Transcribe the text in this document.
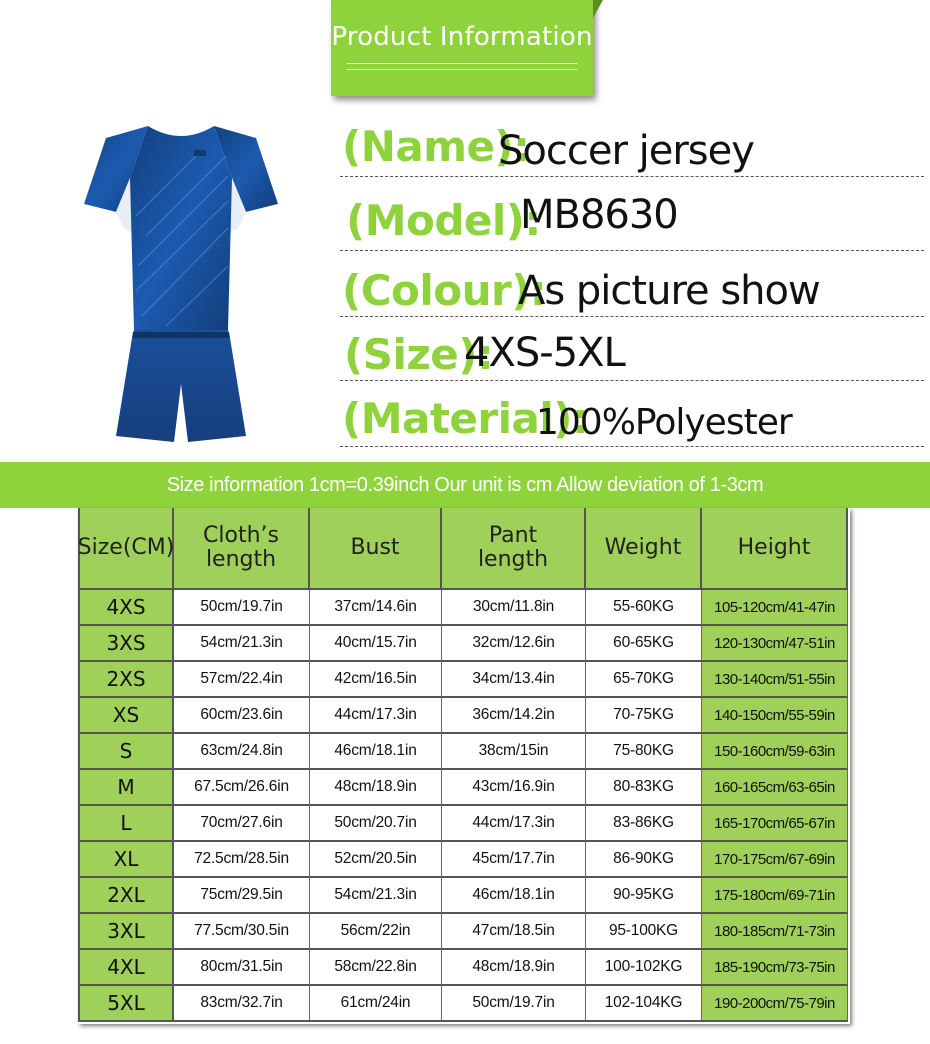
Product Information
(Name):
Soccer jersey
(Model):
MB8630
(Colour):
As picture show
(Size):
4XS-5XL
(Material):
100%Polyester
Size information 1cm=0.39inch Our unit is cm Allow deviation of 1-3cm
Size(CM)	Cloth’s length	Bust	Pant length	Weight	Height
4XS	50cm/19.7in	37cm/14.6in	30cm/11.8in	55-60KG	105-120cm/41-47in
3XS	54cm/21.3in	40cm/15.7in	32cm/12.6in	60-65KG	120-130cm/47-51in
2XS	57cm/22.4in	42cm/16.5in	34cm/13.4in	65-70KG	130-140cm/51-55in
XS	60cm/23.6in	44cm/17.3in	36cm/14.2in	70-75KG	140-150cm/55-59in
S	63cm/24.8in	46cm/18.1in	38cm/15in	75-80KG	150-160cm/59-63in
M	67.5cm/26.6in	48cm/18.9in	43cm/16.9in	80-83KG	160-165cm/63-65in
L	70cm/27.6in	50cm/20.7in	44cm/17.3in	83-86KG	165-170cm/65-67in
XL	72.5cm/28.5in	52cm/20.5in	45cm/17.7in	86-90KG	170-175cm/67-69in
2XL	75cm/29.5in	54cm/21.3in	46cm/18.1in	90-95KG	175-180cm/69-71in
3XL	77.5cm/30.5in	56cm/22in	47cm/18.5in	95-100KG	180-185cm/71-73in
4XL	80cm/31.5in	58cm/22.8in	48cm/18.9in	100-102KG	185-190cm/73-75in
5XL	83cm/32.7in	61cm/24in	50cm/19.7in	102-104KG	190-200cm/75-79in
